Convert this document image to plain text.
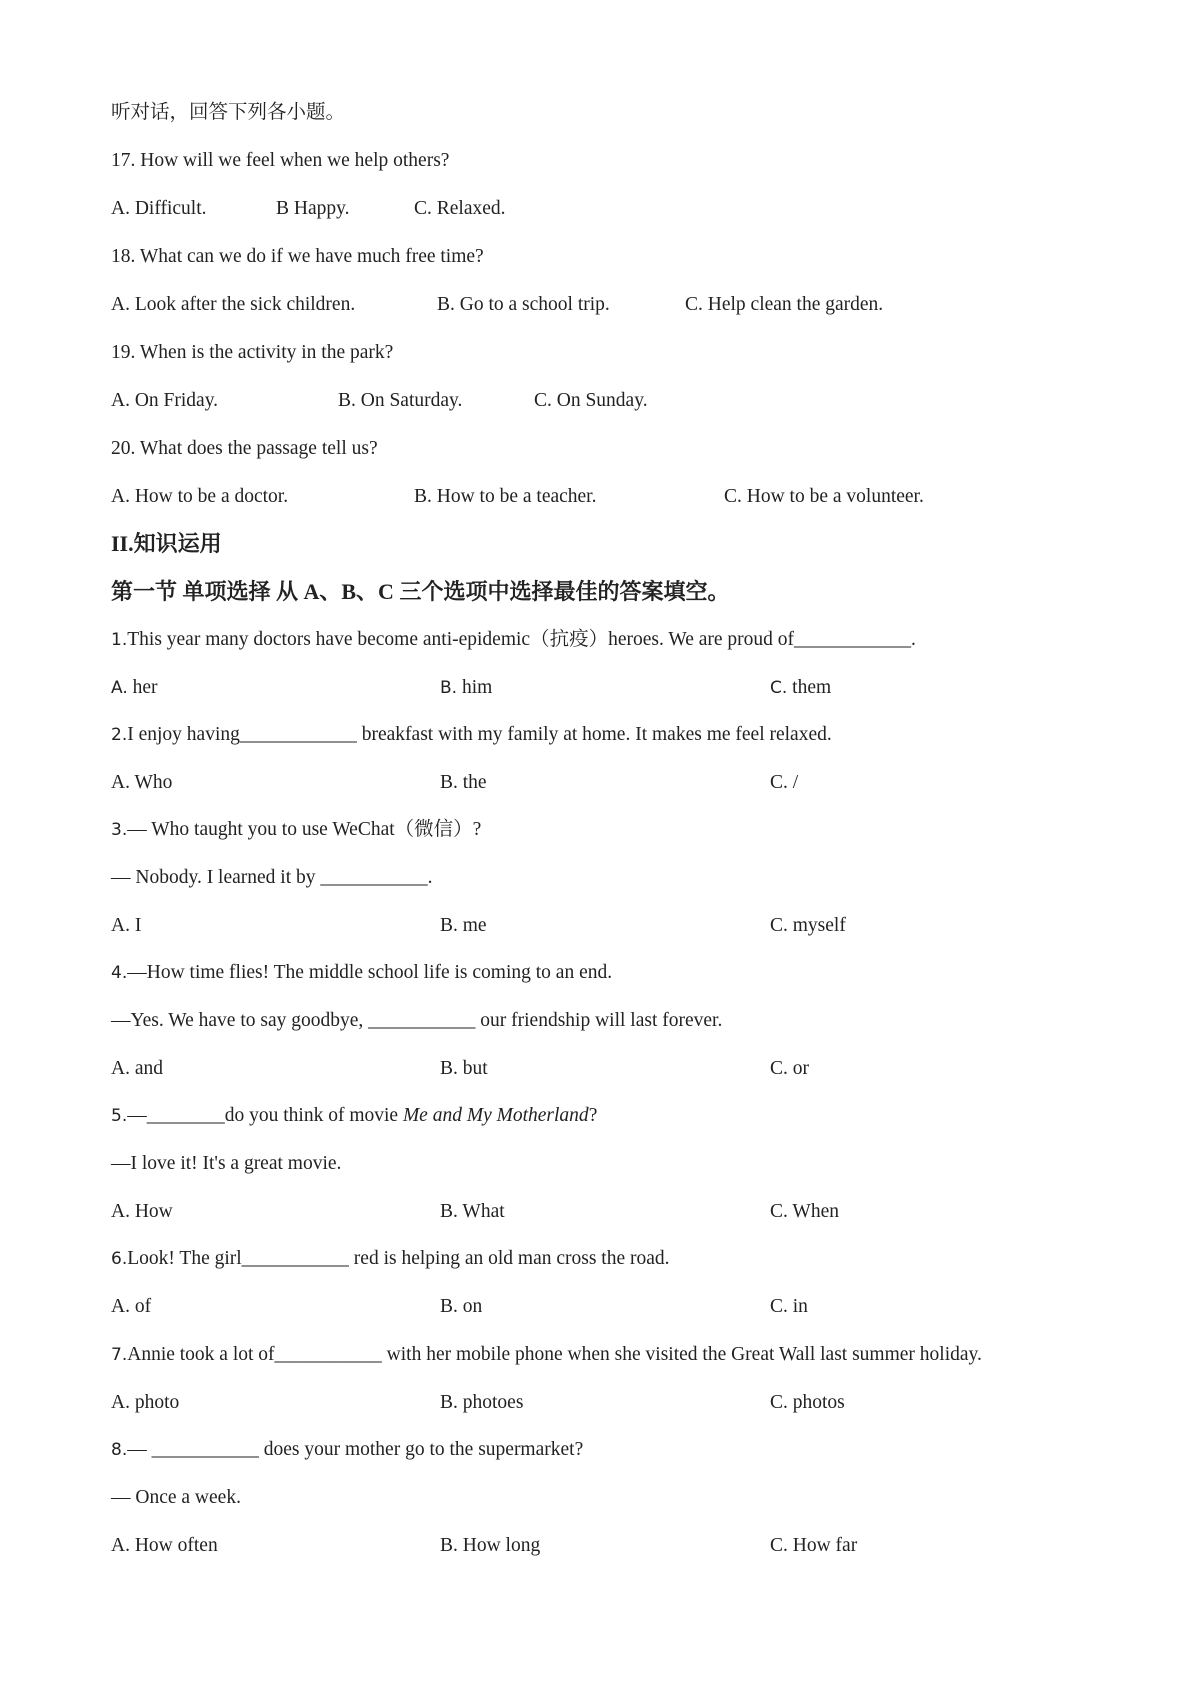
听对话，回答下列各小题。
17. How will we feel when we help others?
A. Difficult.	B Happy.	C. Relaxed.
18. What can we do if we have much free time?
A. Look after the sick children.	B. Go to a school trip.	C. Help clean the garden.
19. When is the activity in the park?
A. On Friday.	B. On Saturday.	C. On Sunday.
20. What does the passage tell us?
A. How to be a doctor.	B. How to be a teacher.	C. How to be a volunteer.
II.知识运用
第一节 单项选择 从 A、B、C 三个选项中选择最佳的答案填空。
1.This year many doctors have become anti-epidemic（抗疫）heroes. We are proud of____________.
A. her	B. him	C. them
2.I enjoy having____________ breakfast with my family at home. It makes me feel relaxed.
A. Who	B. the	C. /
3.— Who taught you to use WeChat（微信）?
— Nobody. I learned it by ___________.
A. I	B. me	C. myself
4.—How time flies! The middle school life is coming to an end.
—Yes. We have to say goodbye, ___________ our friendship will last forever.
A. and	B. but	C. or
5.—________do you think of movie Me and My Motherland?
—I love it! It's a great movie.
A. How	B. What	C. When
6.Look! The girl___________ red is helping an old man cross the road.
A. of	B. on	C. in
7.Annie took a lot of___________ with her mobile phone when she visited the Great Wall last summer holiday.
A. photo	B. photoes	C. photos
8.— ___________ does your mother go to the supermarket?
— Once a week.
A. How often	B. How long	C. How far
